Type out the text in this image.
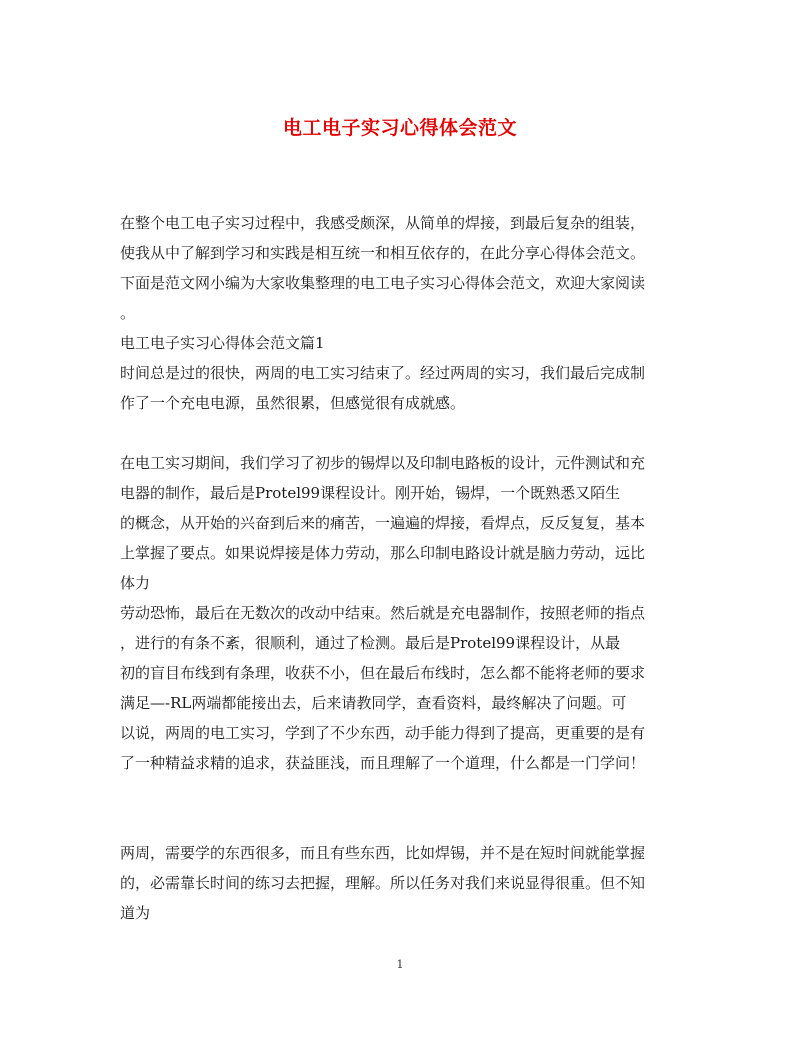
电工电子实习心得体会范文
在整个电工电子实习过程中，我感受颇深，从简单的焊接，到最后复杂的组装，
使我从中了解到学习和实践是相互统一和相互依存的，在此分享心得体会范文。
下面是范文网小编为大家收集整理的电工电子实习心得体会范文，欢迎大家阅读
。
电工电子实习心得体会范文篇1
时间总是过的很快，两周的电工实习结束了。经过两周的实习，我们最后完成制
作了一个充电电源，虽然很累，但感觉很有成就感。
在电工实习期间，我们学习了初步的锡焊以及印制电路板的设计，元件测试和充
电器的制作，最后是Protel99课程设计。刚开始，锡焊，一个既熟悉又陌生
的概念，从开始的兴奋到后来的痛苦，一遍遍的焊接，看焊点，反反复复，基本
上掌握了要点。如果说焊接是体力劳动，那么印制电路设计就是脑力劳动，远比
体力
劳动恐怖，最后在无数次的改动中结束。然后就是充电器制作，按照老师的指点
，进行的有条不紊，很顺利，通过了检测。最后是Protel99课程设计，从最
初的盲目布线到有条理，收获不小，但在最后布线时，怎么都不能将老师的要求
满足—-RL两端都能接出去，后来请教同学，查看资料，最终解决了问题。可
以说，两周的电工实习，学到了不少东西，动手能力得到了提高，更重要的是有
了一种精益求精的追求，获益匪浅，而且理解了一个道理，什么都是一门学问！
两周，需要学的东西很多，而且有些东西，比如焊锡，并不是在短时间就能掌握
的，必需靠长时间的练习去把握，理解。所以任务对我们来说显得很重。但不知
道为
1
